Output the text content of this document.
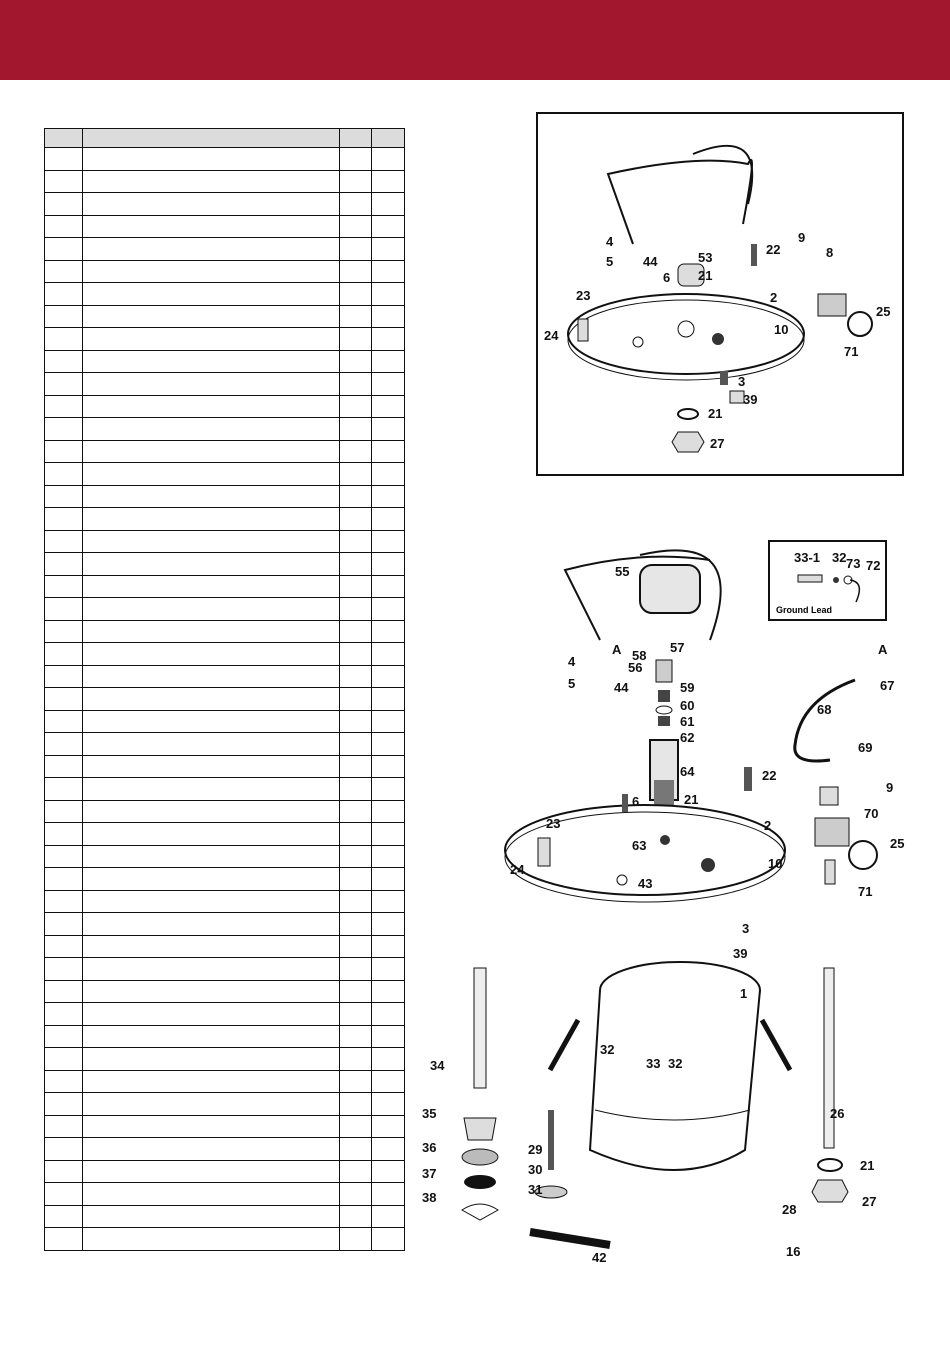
4
5 44
6
53
21
22
9
8
23
24
2
25
10
71
3
39
21
27
55
A 58
57
4	56
5	44	59
60
61
62
64
21
6
22
63
23
24
43
2
3
39
1
A
67
68
69
9
70
25
10
71
34
32
33 32
35
36
37
38
29
30
31
42
26
21
27
28
16
33-1 32 73 72
Ground Lead
